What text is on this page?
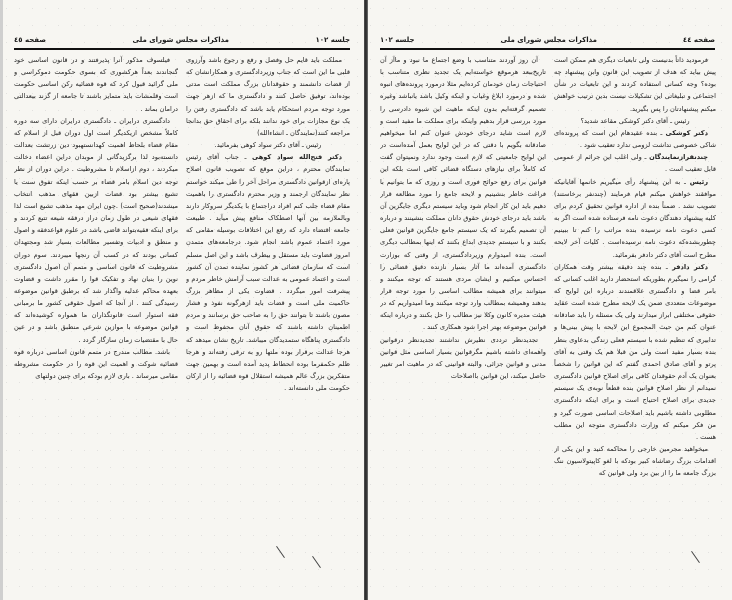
جلسه ١٠٢
مذاکرات مجلس شورای ملی
صفحه ٤٥

مملکت باید قایم حل وفصل و رفع و رجوع باشد وآرزوی قلبی ما این است که جناب وزیردادگستری و همکارانشان که از قضات دانشمند و حقوقدانان بزرگ مملکت است مدتی بوده‌اند، توفیق حاصل کنند و دادگستری ما که ازهر جهت مورد توجه مردم استحکام یابد باشد که دادگستری رفتن را یک نوع مجازات برای خود ندانند بلکه برای احقاق حق بدانجا مراجعه کنند(نمایندگان ـ انشاءالله)

رئیس ـ آقای دکتر سواد کوهی بفرمائید.

دکتر فتح‌الله سواد کوهی ـ جناب آقای رئیس نمایندگان محترم ، دراین موقع که تصویب قانون اصلاح پاره‌ای ازقوانین دادگستری مراحل آخر را طی میکند خواستم نظر نمایندگان ارجمند و وزیر محترم دادگستری را باهمیت مقام قضاء جلب کنم افراد دراجتماع با یکدیگر سروکار دارند وبالملازمه بین آنها اصطکاک منافع پیش میآید . طبیعت جامعه اقتضاء دارد که رفع این اختلافات بوسیله مقامی که مورد اعتماد عموم باشد انجام شود. درجامعه‌های متمدن امروز قضاوت باید مستقل و بیطرف باشد و این اصل مسلم است که سازمان قضائی هر کشور نماینده تمدن آن کشور است و اعتماد عمومی به عدالت سبب آرامش خاطر مردم و پیشرفت امور میگردد . قضاوت یکی از مظاهر بزرگ حاکمیت ملی است و قضات باید ازهرگونه نفوذ و فشار مصون باشند تا بتوانند حق را به صاحب حق برسانند و مردم اطمینان داشته باشند که حقوق آنان محفوظ است و دادگستری پناهگاه ستمدیدگان میباشد. تاریخ نشان میدهد که هرجا عدالت برقرار بوده ملتها رو به ترقی رفته‌اند و هرجا ظلم حکمفرما بوده انحطاط پدید آمده است و بهمین جهت متفکرین بزرگ عالم همیشه استقلال قوه قضائیه را از ارکان حکومت ملی دانسته‌اند .

فیلسوف مذکور آنرا پذیرفتند و در قانون اساسی خود گنجاندند بعداً هرکشوری که بسوی حکومت دموکراسی و ملی گرائید قبول کرد که قوه قضائیه رکن اساسی حکومت است وقلمشات باید متمایز باشند تا جامعه از گزند بیعدالتی درامان بماند .

دادگستری درایران ـ دادگستری درایران دارای سه دوره کاملاً مشخص ازیکدیگر است اول دوران قبل از اسلام که مقام قضاء بلحاظ اهمیت کهدانستهبود دین زرتشت بعدالت دانسته‌بود لذا برگزیدگانی از موبدان دراین اعضاء دخالت میکردند ، دوم ازاسلام تا مشروطیت . دراین دوران از نظر توجه دین اسلام بامر قضاء بر حسب اینکه تفوق سنت یا تشیع بیشتر بود قضات ازبین فقهای مذهب انتخاب میشدند(صحیح است) .چون ایران مهد مذهب تشیع است لذا فقهای شیعی در طول زمان دراز درفقه شیعه تتبع کردند و برای اینکه فقیه‌بتواند قاضی باشد در علوم قواعدفقه و اصول و منطق و ادبیات وتفسیر مطالعات بسیار شد ومجتهدان کسانی بودند که در کسب آن رنجها میبردند. سوم دوران مشروطیت که قانون اساسی و متمم آن اصول دادگستری نوین را بنیان نهاد و تفکیک قوا را مقرر داشت و قضاوت بعهده محاکم عدلیه واگذار شد که برطبق قوانین موضوعه رسیدگی کنند . از آنجا که اصول حقوقی کشور ما برمبانی فقه استوار است قانونگذاران ما همواره کوشیده‌اند که قوانین موضوعه با موازین شرعی منطبق باشد و در عین حال با مقتضیات زمان سازگار گردد .

باشد. مطالب مندرج در متمم قانون اساسی درباره قوه قضائیه شوکت و اهمیت این قوه را در حکومت مشروطه مقامی میرساند . باری لازم بودکه برای چنین دولتهای

صفحه ٤٤
مذاکرات مجلس شورای ملی
جلسه ١٠٢

فرمودید ذاتاً بدنیست ولی تابعیات دیگری هم ممکن است پیش بیاید که هدف از تصویب این قانون وابن پیشنهاد چه بوده؟ وجه کسانی استفاده کردند و این تابعیات در شأن اجتماعی و تبلیغاتی این تشکیلات نیست بدین ترتیب خواهش میکنم پیشنهادتان را پس بگیرید.

رئیس ـ آقای دکتر کوشکی مقاعد شدید؟

دکتر کوشکی ـ بنده عقیدهام این است که پرونده‌ای شاکی خصوصی نداشت لزومی ندارد تعقیب شود .

چندنفرازنمایندگان ـ ولی اغلب این جرائم از عمومی قابل تعقیب است .

رئیس ـ به این پیشنهاد رأی میگیریم خانمها آقایانیکه موافقند خواهش میکنم قیام فرمایند (چندنفر برخاستند) تصویب نشد . ضمناً بنده از اداره قوانین تحقیق کردم برای کلیه پیشنهاد دهندگان دعوت نامه فرستاده شده است اگر به کسی دعوت نامه نرسیده‌ بنده مراتب را کنم تا ببینیم چطوربشده‌که دعوت نامه نرسیده‌است . کلیات آخر لایحه مطرح است آقای دکتر دادفر بفرمائید.

دکتر دادفر ـ بنده چند دقیقه بیشتر وقت همکاران گرامی را نمیگیرم بطوریکه استحضار دارید اغلب کسانی که بامر قضا و دادگستری علاقمندند درباره این لوایح که موضوعات متعددی ضمن یک لایحه مطرح شده است عقاید حقوقی مختلفی ابراز میدارند ولی یک مسئله را باید صادقانه عنوان کنم من حیث المجموع این لایحه با پیش بینی‌ها و تدابیری که تنظیم شده با سیستم فعلی زندگی بدعاوی بنظر بنده بسیار مفید است ولی من قبلا هم یک وقتی به آقای پرتو و آقای صادق احمدی گفتم که این قوانین را شخصاً بعنوان یک آدم حقوقدان کافی برای اصلاح قوانین دادگستری نمیدانم از نظر اصلاح قوانین بنده قطعاً نوبه‌ی یک سیستم جدیدی برای اصلاح احتیاج است و برای اینکه دادگستری مطلوبی داشته باشیم باید اصلاحات اساسی صورت گیرد و من فکر میکنم که وزارت دادگستری متوجه این مطلب هست .

میخواهید مجرمین خارجی را محاکمه کنید و این یکی از اقدامات بزرگ رضاشاه کبیر بودکه با لغو کاپیتولاسیون ننگ بزرگ جامعه ما را از بین برد ولی قوانین که

آن روز آوردند متناسب با وضع اجتماع ما نبود و ماآز آن تاریخ‌ببعد هرموقع خواسته‌ایم یک تجدید نظری متناسب با احتیاجات زمان خودمان کرده‌ایم مثلا درمورد پرونده‌های انبوه شده و درمورد ابلاغ وغیاب و اینکه وکیل باشد یانباشد وغیره تصمیم گرفته‌ایم بدون اینکه ماهیت این شیوه دادرسی را مورد بررسی قرار بدهیم واینکه برای مملکت ما مفید است و لازم است شاید درجای خودش عنوان کنم اما میخواهیم صادقانه بگویم با دقتی که در این لوایح بعمل آمده‌است در این لوایح جامعیتی که لازم است وجود ندارد ونمیتوان گفت که کاملاً برای نیازهای دستگاه قضائی کافی است بلکه این قوانین برای رفع حوائج فوری است و روزی که ما بتوانیم با فراغت خاطر بنشینیم و لایحه جامع را مورد مطالعه قرار دهیم باید این کار انجام شود وباید سیستم دیگری جایگزین آن باشد باید درجای خودش حقوق دانان مملکت بنشینند و درباره آن تصمیم بگیرند که یک سیستم جامع جایگزین قوانین فعلی بکنند و با سیستم جدیدی ابداع بکنند که اینها بمطالب دیگری است. بنده امیدوارم وزیردادگستری، از وقتی که بوزارت دادگستری آمده‌اند ما آثار بسیار نازنده دقیق قضائی را احساس میکنیم و ایشان مردی هستند که توجه میکنند و میتوانند برای همیشه مطالب اساسی را مورد توجه قرار بدهند وهمیشه بمطالب وارد توجه میکنند وما امیدواریم که در هیئت مدیره کانون وکلا نیز مطالب را حل بکنند و درباره اینکه قوانین موضوعه بهتر اجرا شود همکاری کنند .

تجدیدنظر ترددی نظیرش نداشتند تجدیدنظر درقوانین واهمه‌ای داشته باشیم مگرقوانین بسیار اساسی مثل قوانین مدنی و قوانین جزائی، والبته قوانینی که در ماهیت امر تغییر حاصل میکند، این قوانین بااصلاحات
